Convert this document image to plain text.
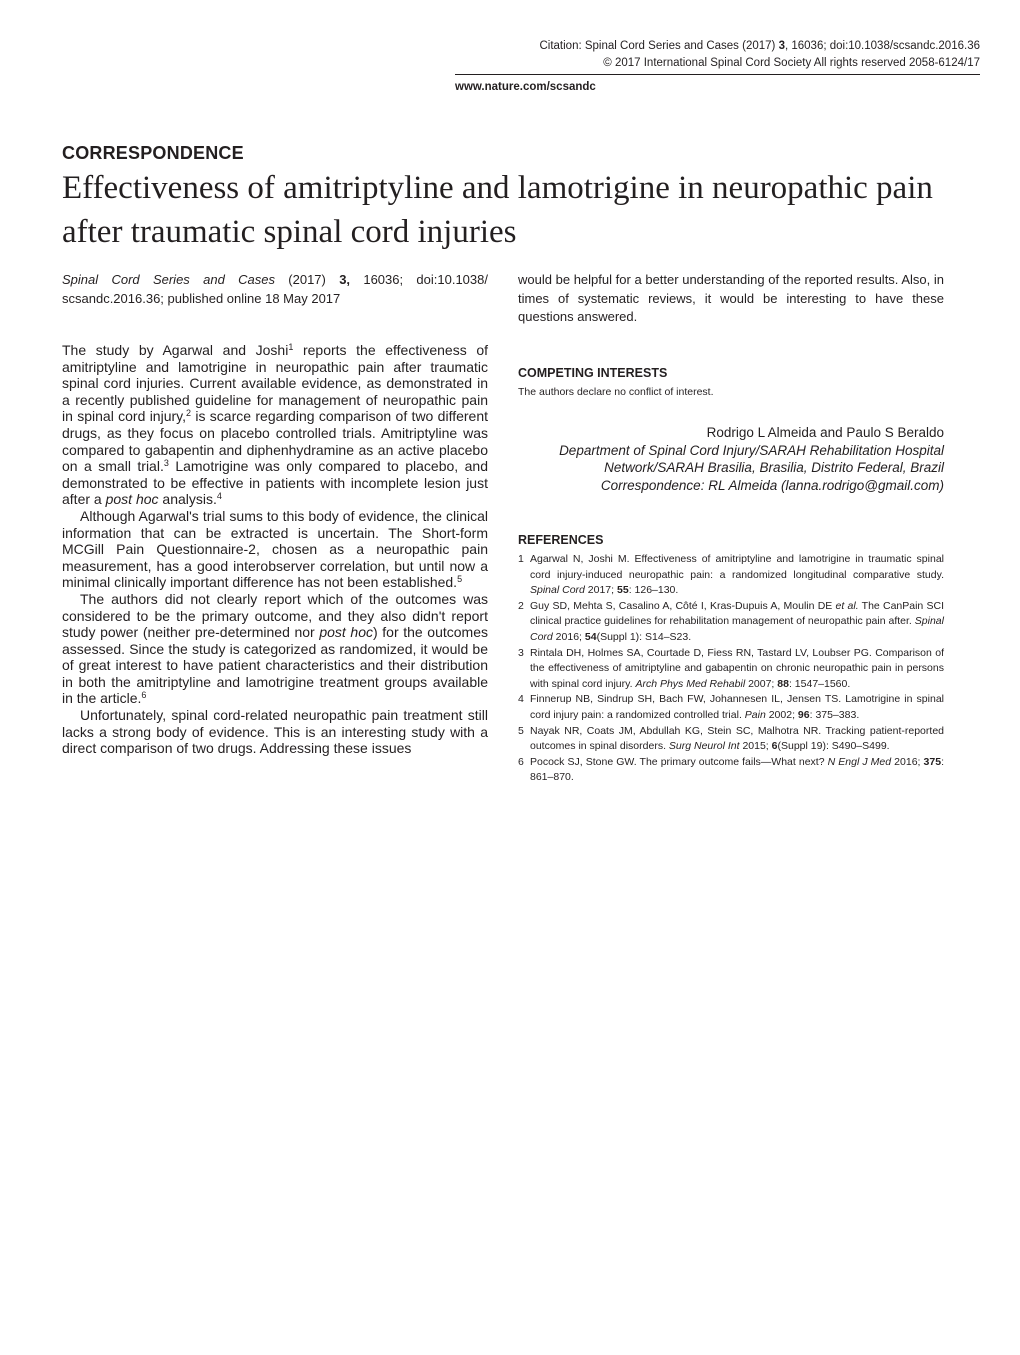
Citation: Spinal Cord Series and Cases (2017) 3, 16036; doi:10.1038/scsandc.2016.36
© 2017 International Spinal Cord Society All rights reserved 2058-6124/17
www.nature.com/scsandc
CORRESPONDENCE
Effectiveness of amitriptyline and lamotrigine in neuropathic pain after traumatic spinal cord injuries
Spinal Cord Series and Cases (2017) 3, 16036; doi:10.1038/ scsandc.2016.36; published online 18 May 2017

The study by Agarwal and Joshi$^1$ reports the effectiveness of amitriptyline and lamotrigine in neuropathic pain after traumatic spinal cord injuries. Current available evidence, as demonstrated in a recently published guideline for management of neuropathic pain in spinal cord injury,$^2$ is scarce regarding comparison of two different drugs, as they focus on placebo controlled trials. Amitriptyline was compared to gabapentin and diphenhydramine as an active placebo on a small trial.$^3$ Lamotrigine was only compared to placebo, and demonstrated to be effective in patients with incomplete lesion just after a post hoc analysis.$^4$

Although Agarwal's trial sums to this body of evidence, the clinical information that can be extracted is uncertain. The Short-form MCGill Pain Questionnaire-2, chosen as a neuropathic pain measurement, has a good interobserver correlation, but until now a minimal clinically important difference has not been established.$^5$

The authors did not clearly report which of the outcomes was considered to be the primary outcome, and they also didn't report study power (neither pre-determined nor post hoc) for the outcomes assessed. Since the study is categorized as randomized, it would be of great interest to have patient characteristics and their distribution in both the amitriptyline and lamotrigine treatment groups available in the article.$^6$

Unfortunately, spinal cord-related neuropathic pain treatment still lacks a strong body of evidence. This is an interesting study with a direct comparison of two drugs. Addressing these issues

would be helpful for a better understanding of the reported results. Also, in times of systematic reviews, it would be interesting to have these questions answered.
COMPETING INTERESTS
The authors declare no conflict of interest.
Rodrigo L Almeida and Paulo S Beraldo
Department of Spinal Cord Injury/SARAH Rehabilitation Hospital
Network/SARAH Brasilia, Brasilia, Distrito Federal, Brazil
Correspondence: RL Almeida (lanna.rodrigo@gmail.com)
REFERENCES
1 Agarwal N, Joshi M. Effectiveness of amitriptyline and lamotrigine in traumatic spinal cord injury-induced neuropathic pain: a randomized longitudinal comparative study. Spinal Cord 2017; 55: 126–130.
2 Guy SD, Mehta S, Casalino A, Côté I, Kras-Dupuis A, Moulin DE et al. The CanPain SCI clinical practice guidelines for rehabilitation management of neuropathic pain after. Spinal Cord 2016; 54(Suppl 1): S14–S23.
3 Rintala DH, Holmes SA, Courtade D, Fiess RN, Tastard LV, Loubser PG. Comparison of the effectiveness of amitriptyline and gabapentin on chronic neuropathic pain in persons with spinal cord injury. Arch Phys Med Rehabil 2007; 88: 1547–1560.
4 Finnerup NB, Sindrup SH, Bach FW, Johannesen IL, Jensen TS. Lamotrigine in spinal cord injury pain: a randomized controlled trial. Pain 2002; 96: 375–383.
5 Nayak NR, Coats JM, Abdullah KG, Stein SC, Malhotra NR. Tracking patient-reported outcomes in spinal disorders. Surg Neurol Int 2015; 6(Suppl 19): S490–S499.
6 Pocock SJ, Stone GW. The primary outcome fails—What next? N Engl J Med 2016; 375: 861–870.
